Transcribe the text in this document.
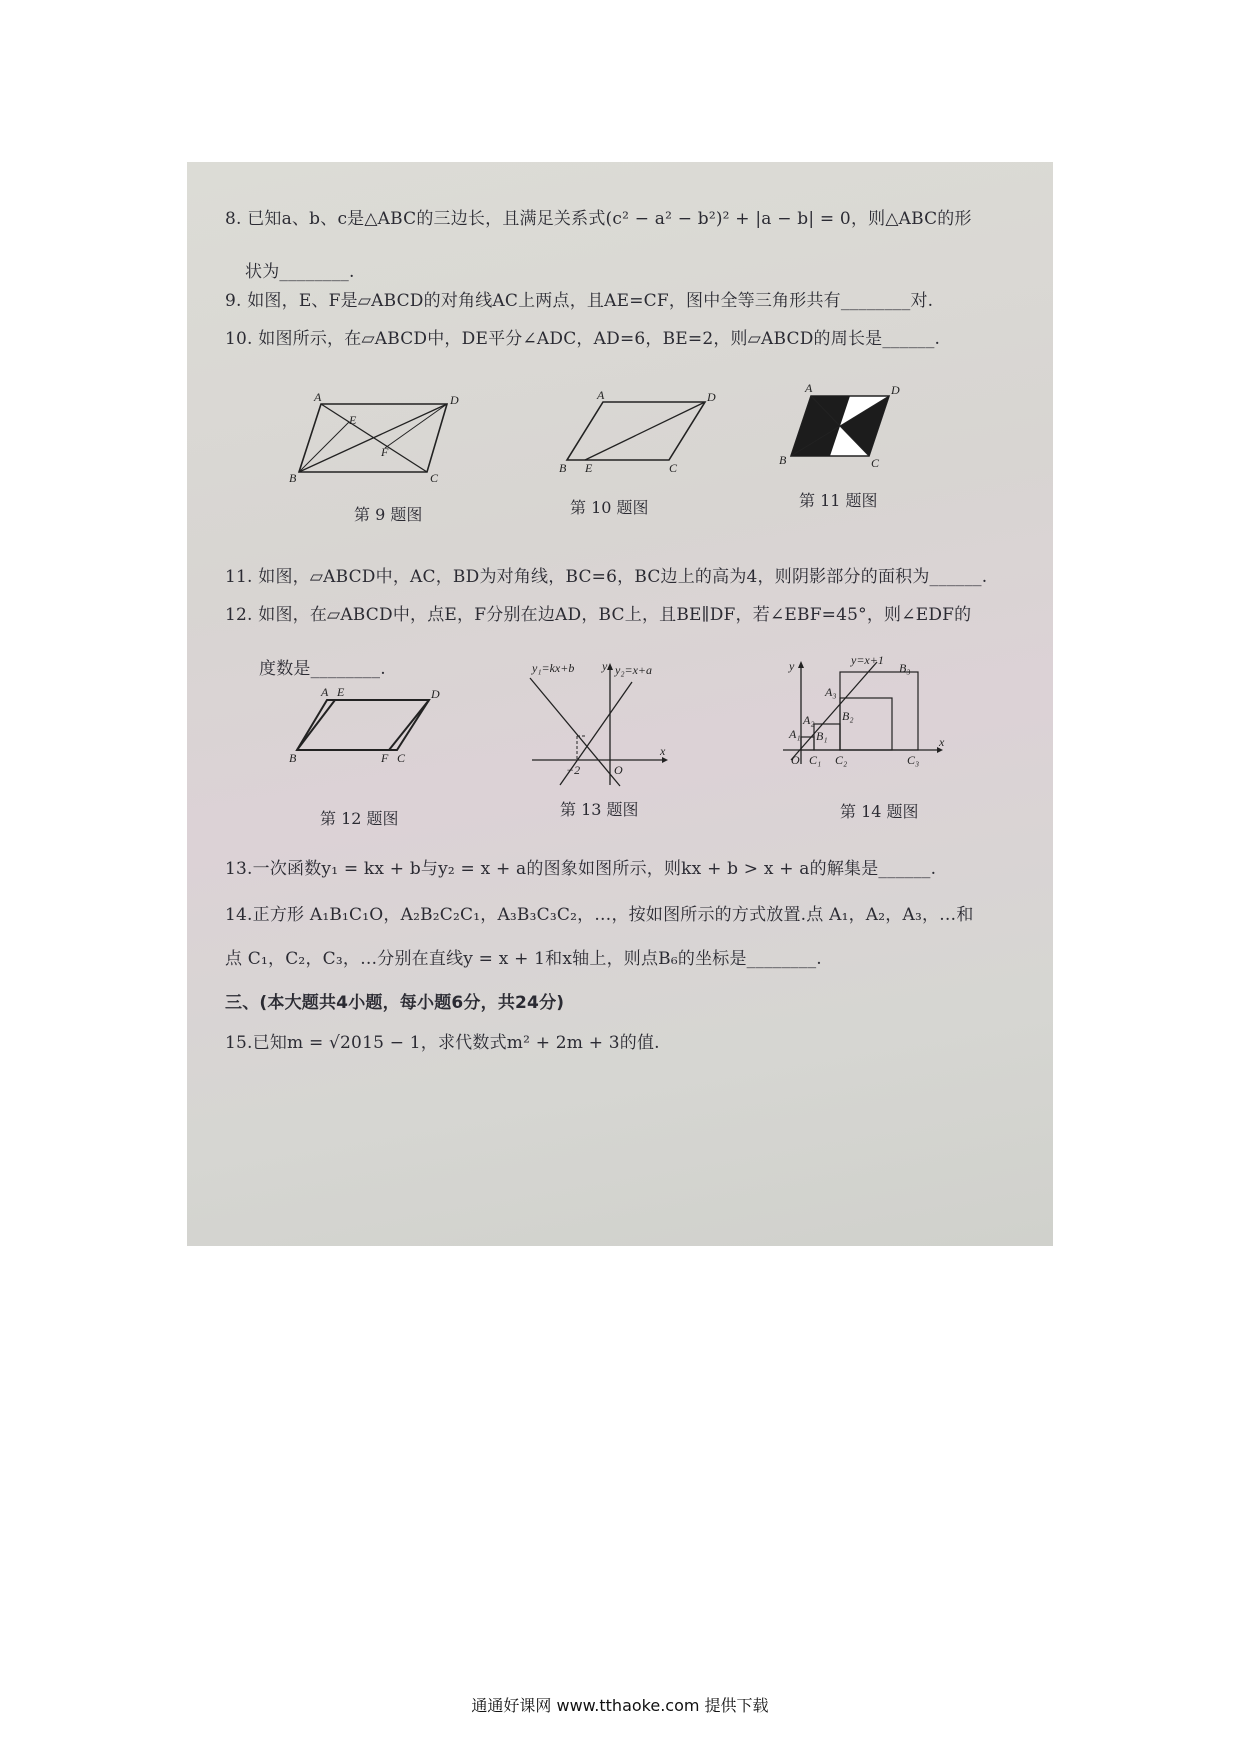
8. 已知a、b、c是△ABC的三边长，且满足关系式(c² − a² − b²)² + |a − b| = 0，则△ABC的形
状为________.
9. 如图，E、F是▱ABCD的对角线AC上两点，且AE=CF，图中全等三角形共有________对.
10. 如图所示，在▱ABCD中，DE平分∠ADC，AD=6，BE=2，则▱ABCD的周长是______.
A	D
E
F
B	C
第 9 题图
A	D
B E	C
第 10 题图
A	D
B	C
第 11 题图
11. 如图，▱ABCD中，AC，BD为对角线，BC=6，BC边上的高为4，则阴影部分的面积为______.
12. 如图，在▱ABCD中，点E，F分别在边AD，BC上，且BE∥DF，若∠EBF=45°，则∠EDF的
度数是________.
A E	D
B	F C
第 12 题图
y₁=kx+b	y₂=x+a
y
x
O
−2
第 13 题图
y=x+1
y
x
O
A₁
A₂
A₃
B₁
B₂
B₃
C₁ C₂	C₃
第 14 题图
13.一次函数y₁ = kx + b与y₂ = x + a的图象如图所示，则kx + b > x + a的解集是______.
14.正方形 A₁B₁C₁O，A₂B₂C₂C₁，A₃B₃C₃C₂，…，按如图所示的方式放置.点 A₁，A₂，A₃，…和
点 C₁，C₂，C₃，…分别在直线y = x + 1和x轴上，则点B₆的坐标是________.
三、(本大题共4小题，每小题6分，共24分)
15.已知m = √2015 − 1，求代数式m² + 2m + 3的值.
通通好课网 www.tthaoke.com 提供下载
